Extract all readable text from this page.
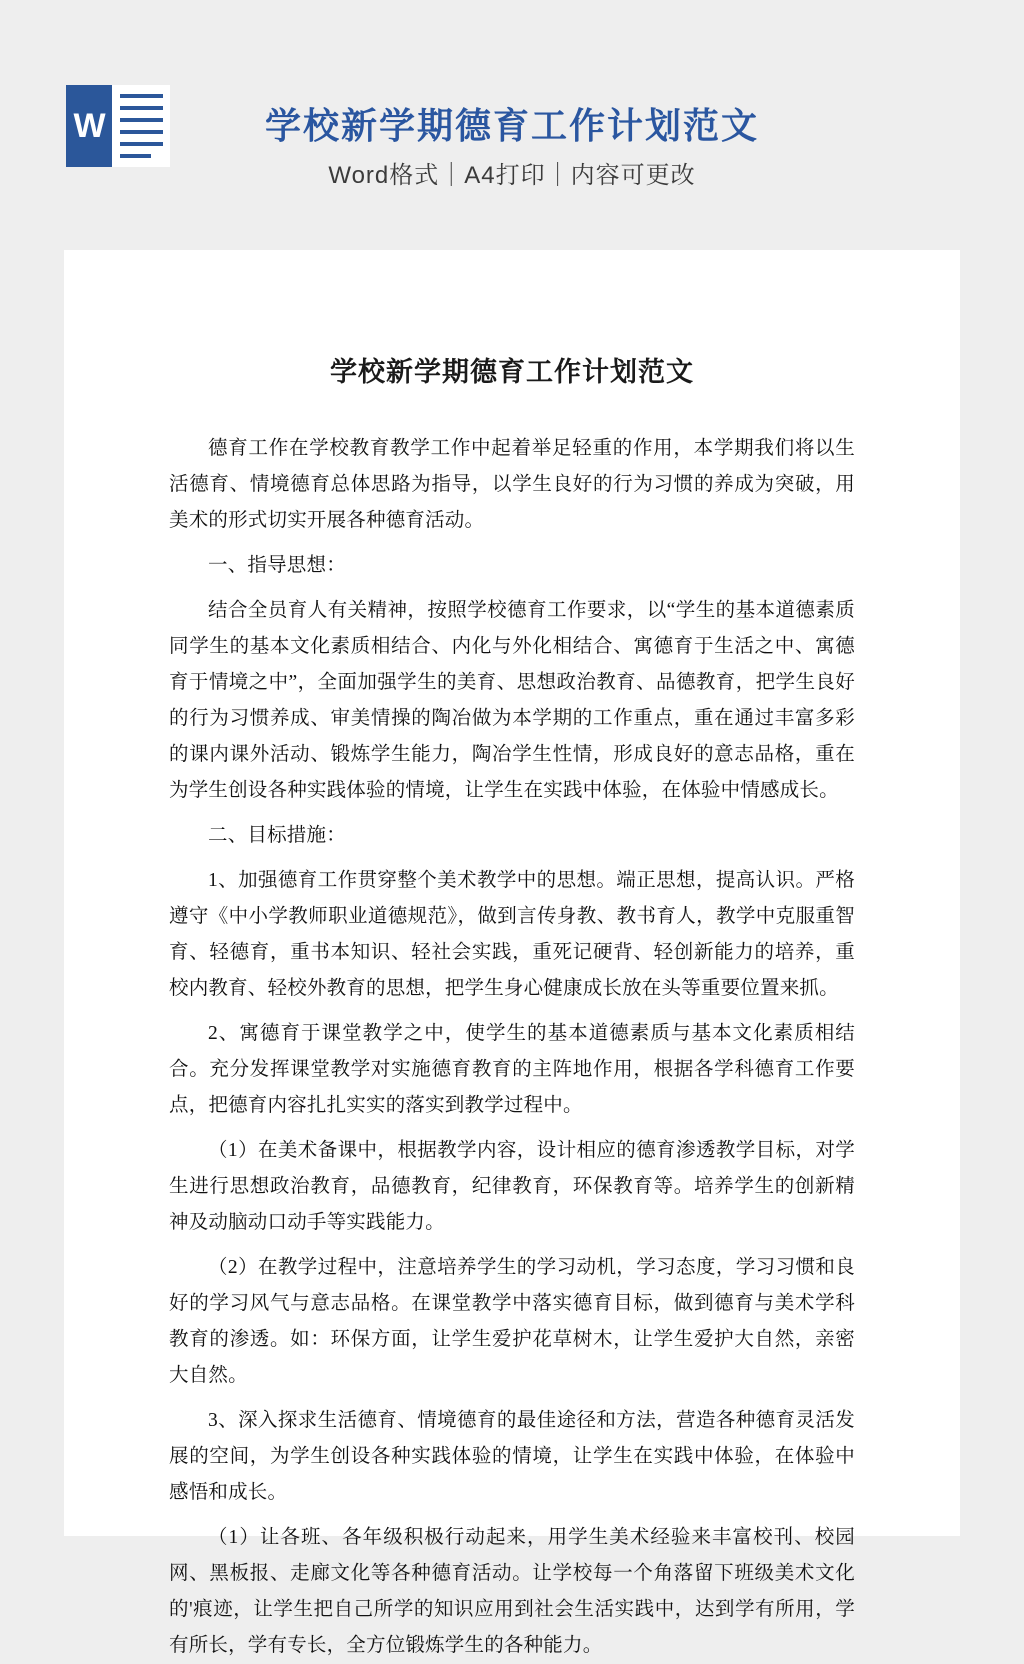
W	学校新学期德育工作计划范文
Word格式｜A4打印｜内容可更改
学校新学期德育工作计划范文

德育工作在学校教育教学工作中起着举足轻重的作用，本学期我们将以生活德育、情境德育总体思路为指导，以学生良好的行为习惯的养成为突破，用美术的形式切实开展各种德育活动。

一、指导思想：

结合全员育人有关精神，按照学校德育工作要求，以“学生的基本道德素质同学生的基本文化素质相结合、内化与外化相结合、寓德育于生活之中、寓德育于情境之中”，全面加强学生的美育、思想政治教育、品德教育，把学生良好的行为习惯养成、审美情操的陶冶做为本学期的工作重点，重在通过丰富多彩的课内课外活动、锻炼学生能力，陶冶学生性情，形成良好的意志品格，重在为学生创设各种实践体验的情境，让学生在实践中体验，在体验中情感成长。

二、目标措施：

1、加强德育工作贯穿整个美术教学中的思想。端正思想，提高认识。严格遵守《中小学教师职业道德规范》，做到言传身教、教书育人，教学中克服重智育、轻德育，重书本知识、轻社会实践，重死记硬背、轻创新能力的培养，重校内教育、轻校外教育的思想，把学生身心健康成长放在头等重要位置来抓。

2、寓德育于课堂教学之中，使学生的基本道德素质与基本文化素质相结合。充分发挥课堂教学对实施德育教育的主阵地作用，根据各学科德育工作要点，把德育内容扎扎实实的落实到教学过程中。

（1）在美术备课中，根据教学内容，设计相应的德育渗透教学目标，对学生进行思想政治教育，品德教育，纪律教育，环保教育等。培养学生的创新精神及动脑动口动手等实践能力。

（2）在教学过程中，注意培养学生的学习动机，学习态度，学习习惯和良好的学习风气与意志品格。在课堂教学中落实德育目标，做到德育与美术学科教育的渗透。如：环保方面，让学生爱护花草树木，让学生爱护大自然，亲密大自然。

3、深入探求生活德育、情境德育的最佳途径和方法，营造各种德育灵活发展的空间，为学生创设各种实践体验的情境，让学生在实践中体验，在体验中感悟和成长。

（1）让各班、各年级积极行动起来，用学生美术经验来丰富校刊、校园网、黑板报、走廊文化等各种德育活动。让学校每一个角落留下班级美术文化的'痕迹，让学生把自己所学的知识应用到社会生活实践中，达到学有所用，学有所长，学有专长，全方位锻炼学生的各种能力。
